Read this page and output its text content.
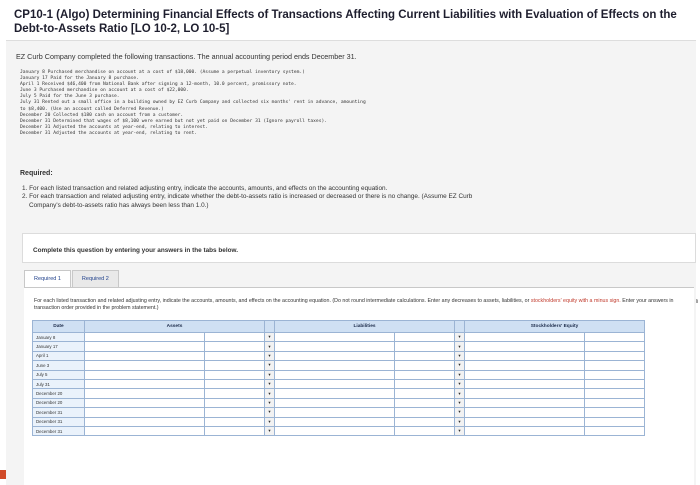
CP10-1 (Algo) Determining Financial Effects of Transactions Affecting Current Liabilities with Evaluation of Effects on the Debt-to-Assets Ratio [LO 10-2, LO 10-5]
EZ Curb Company completed the following transactions. The annual accounting period ends December 31.
January 8 Purchased merchandise on account at a cost of $18,000. (Assume a perpetual inventory system.)
January 17 Paid for the January 8 purchase.
April 1 Received $46,400 from National Bank after signing a 12-month, 10.0 percent, promissory note.
June 3 Purchased merchandise on account at a cost of $22,000.
July 5 Paid for the June 3 purchase.
July 31 Rented out a small office in a building owned by EZ Curb Company and collected six months' rent in advance, amounting
to $8,400. (Use an account called Deferred Revenue.)
December 20 Collected $180 cash on account from a customer.
December 31 Determined that wages of $8,100 were earned but not yet paid on December 31 (Ignore payroll taxes).
December 31 Adjusted the accounts at year-end, relating to interest.
December 31 Adjusted the accounts at year-end, relating to rent.
Required:
1. For each listed transaction and related adjusting entry, indicate the accounts, amounts, and effects on the accounting equation.
2. For each transaction and related adjusting entry, indicate whether the debt-to-assets ratio is increased or decreased or there is no change. (Assume EZ Curb Company's debt-to-assets ratio has always been less than 1.0.)
Complete this question by entering your answers in the tabs below.
Required 1	Required 2
For each listed transaction and related adjusting entry, indicate the accounts, amounts, and effects on the accounting equation. (Do not round intermediate calculations. Enter any decreases to assets, liabilities, or stockholders' equity with a minus sign. Enter your answers in transaction order provided in the problem statement.)
Date	Assets			Liabilities			Stockholders' Equity	
January 8			▾			▾		
January 17			▾			▾		
April 1			▾			▾		
June 3			▾			▾		
July 5			▾			▾		
July 31			▾			▾		
December 20			▾			▾		
December 20			▾			▾		
December 31			▾			▾		
December 31			▾			▾		
December 31			▾			▾		
li
